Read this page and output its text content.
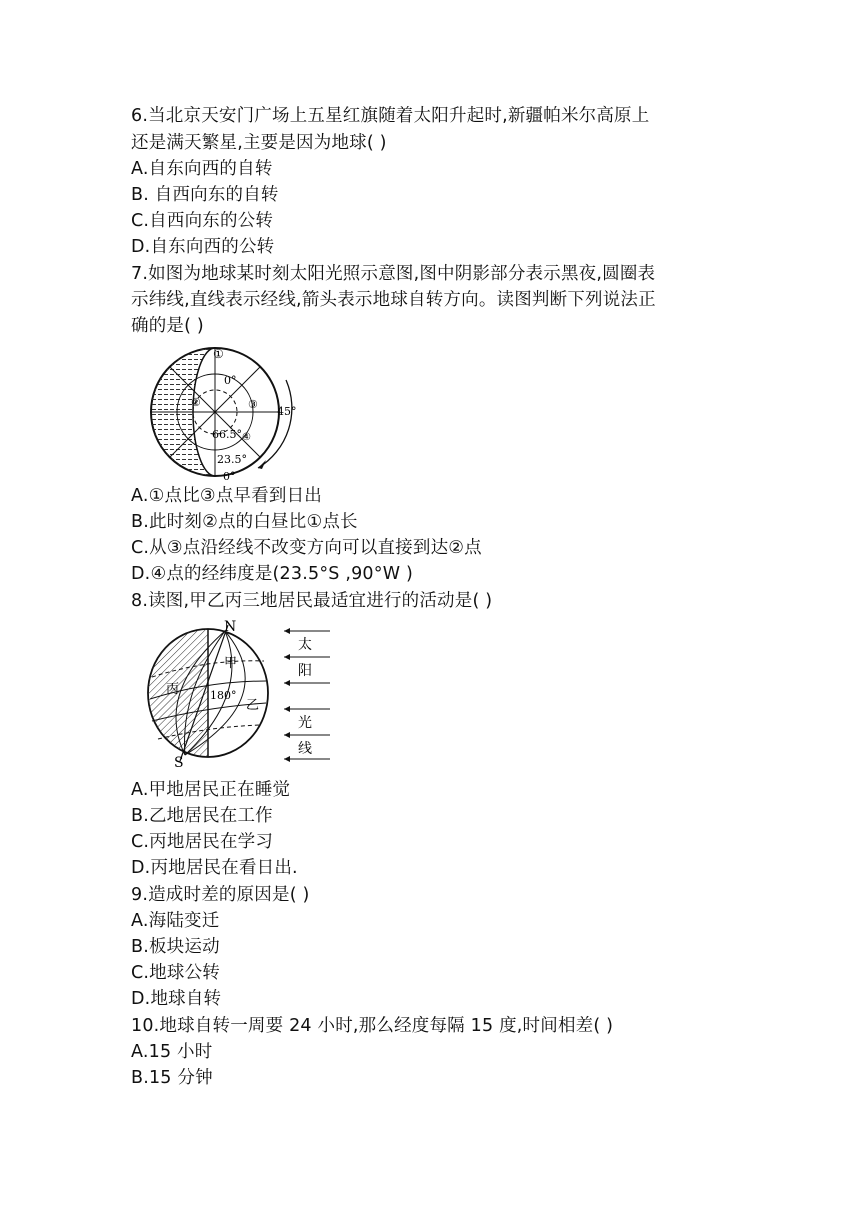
6.当北京天安门广场上五星红旗随着太阳升起时,新疆帕米尔高原上
还是满天繁星,主要是因为地球( )
A.自东向西的自转
B. 自西向东的自转
C.自西向东的公转
D.自东向西的公转
7.如图为地球某时刻太阳光照示意图,图中阴影部分表示黑夜,圆圈表
示纬线,直线表示经线,箭头表示地球自转方向。读图判断下列说法正
确的是( )
①
0°
45°
②	③
66.5° ④
23.5°
0°
A.①点比③点早看到日出
B.此时刻②点的白昼比①点长
C.从③点沿经线不改变方向可以直接到达②点
D.④点的经纬度是(23.5°S ,90°W )
8.读图,甲乙丙三地居民最适宜进行的活动是( )
太
阳
光
线
N
S
甲
乙
丙	180°
A.甲地居民正在睡觉
B.乙地居民在工作
C.丙地居民在学习
D.丙地居民在看日出.
9.造成时差的原因是( )
A.海陆变迁
B.板块运动
C.地球公转
D.地球自转
10.地球自转一周要 24 小时,那么经度每隔 15 度,时间相差( )
A.15 小时
B.15 分钟
